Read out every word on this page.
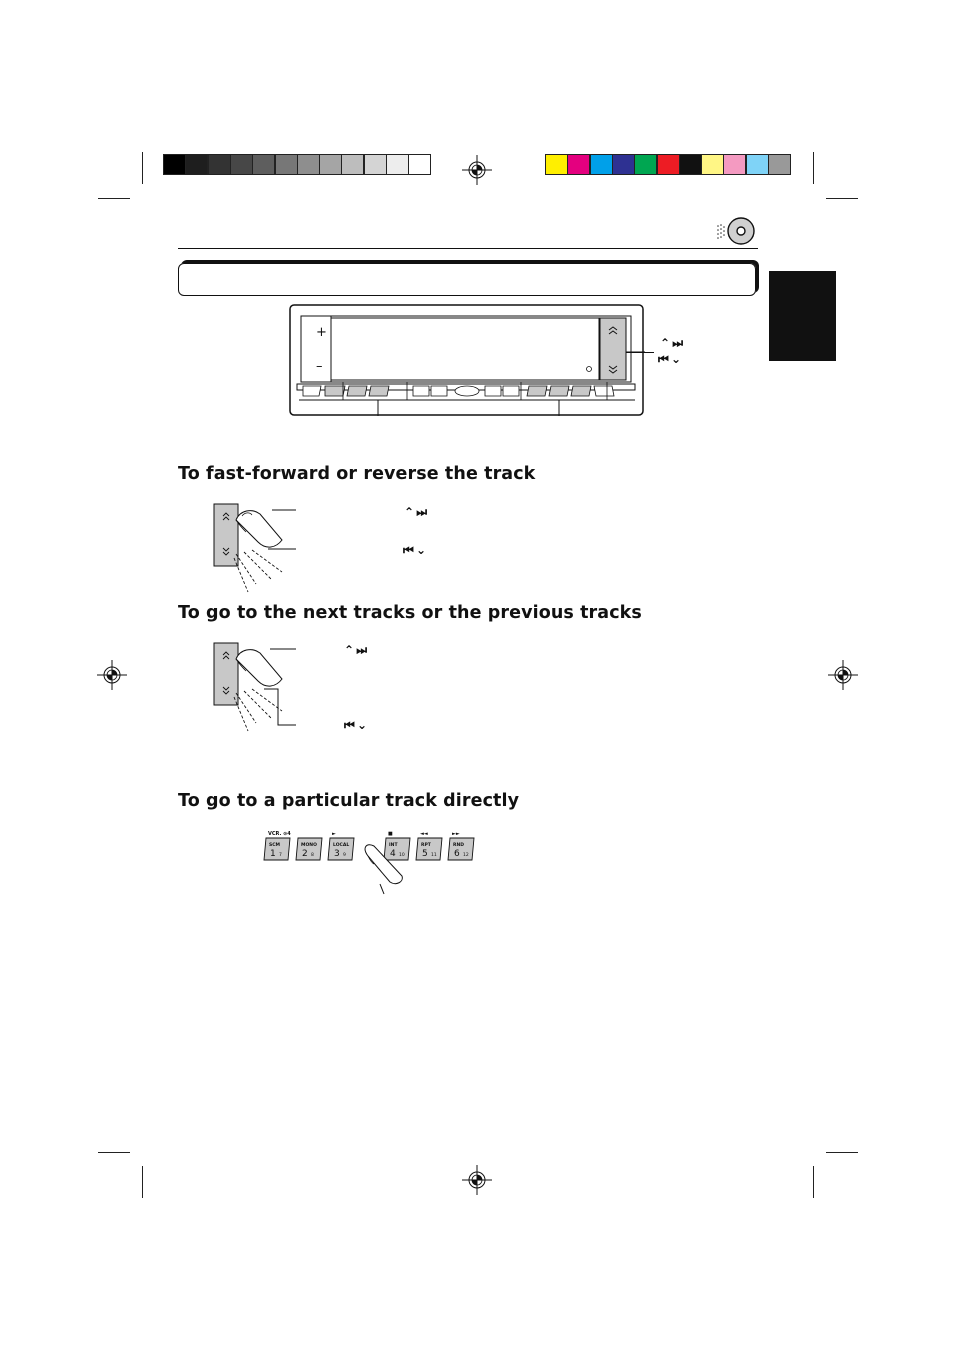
+
–
⌃ ⏭
⏮ ⌄
To fast-forward or reverse the track
⌃ ⏭
⏮ ⌄
To go to the next tracks or the previous tracks
⌃ ⏭
⏮ ⌄
To go to a particular track directly
VCR. ⊙4
SCM
1 7
MONO
2 8
►
LOCAL
3 9
■
INT
4 10
◄◄
RPT
5 11
►►
RND
6 12
